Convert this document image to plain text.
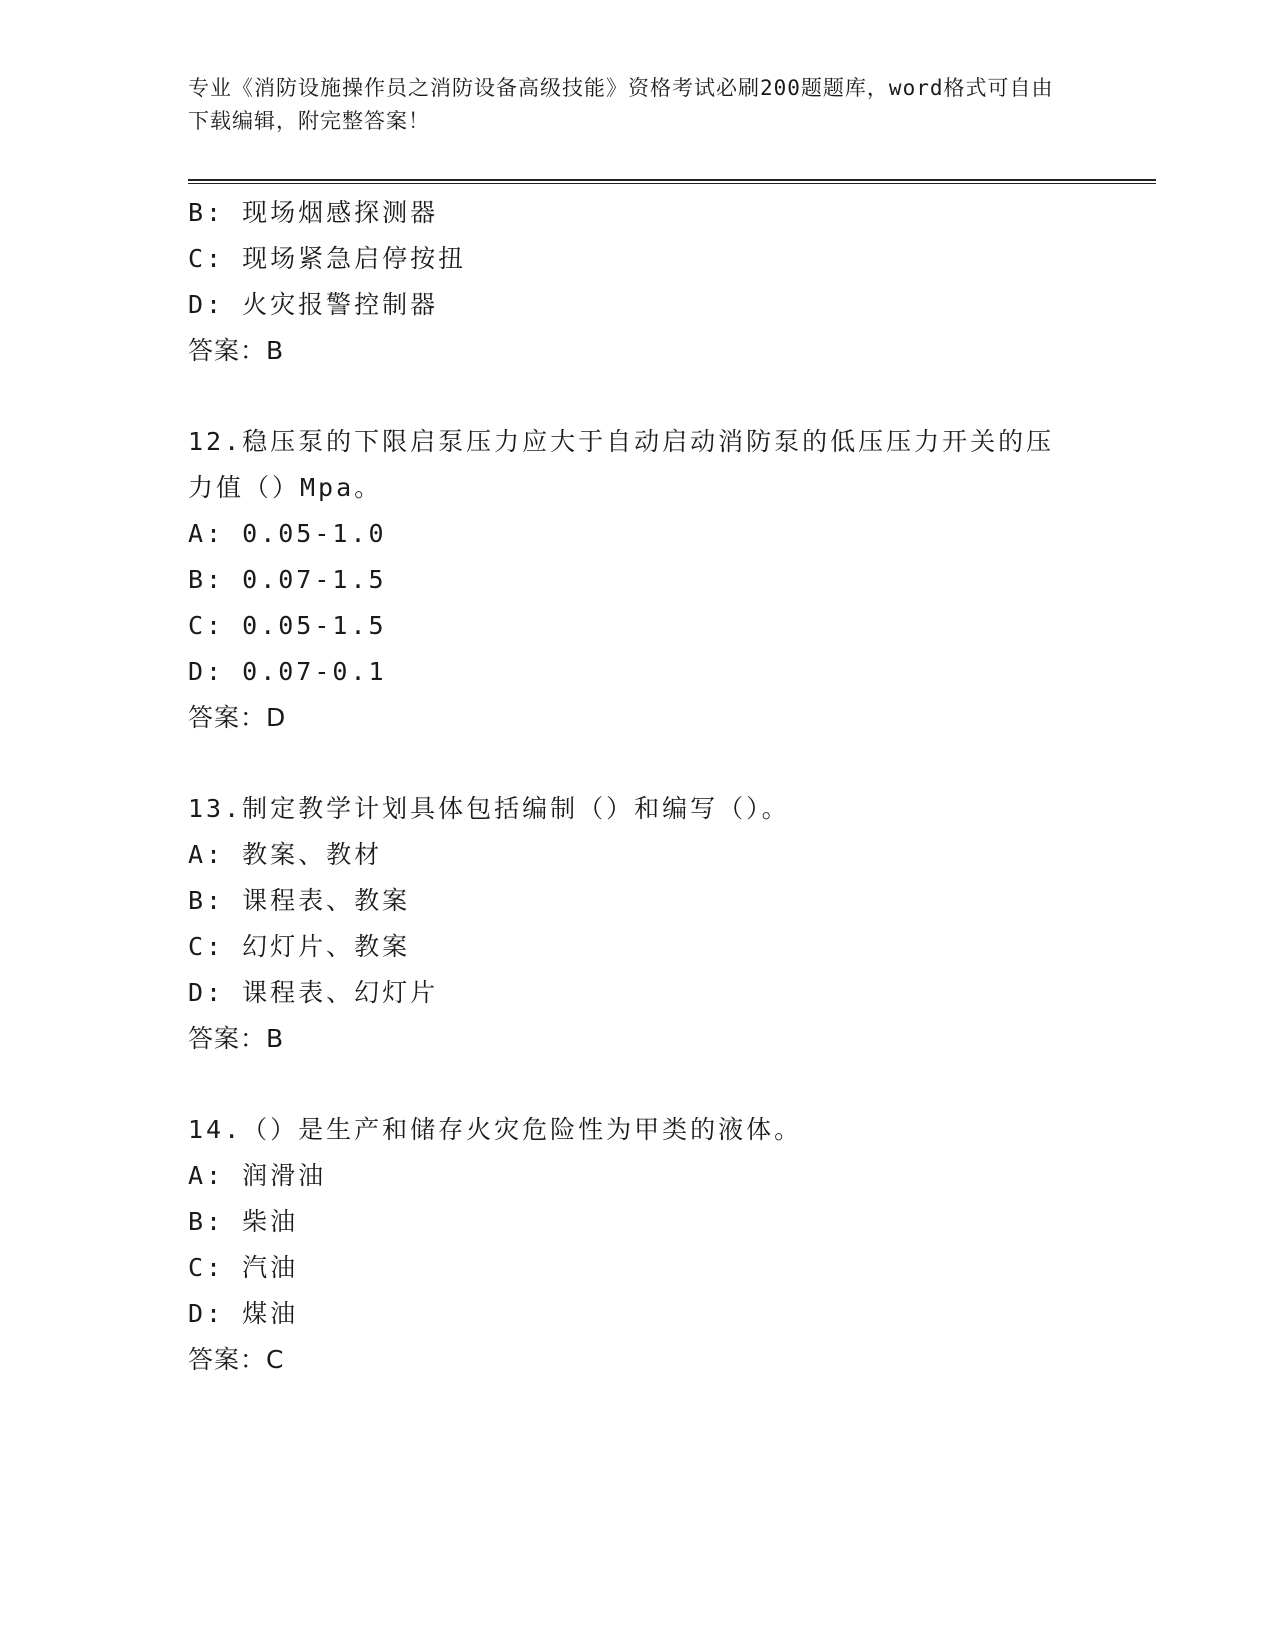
专业《消防设施操作员之消防设备高级技能》资格考试必刷200题题库，word格式可自由下载编辑，附完整答案！
B: 现场烟感探测器
C: 现场紧急启停按扭
D: 火灾报警控制器
答案：B
12.稳压泵的下限启泵压力应大于自动启动消防泵的低压压力开关的压
力值（）Mpa。
A: 0.05-1.0
B: 0.07-1.5
C: 0.05-1.5
D: 0.07-0.1
答案：D
13.制定教学计划具体包括编制（）和编写（）。
A: 教案、教材
B: 课程表、教案
C: 幻灯片、教案
D: 课程表、幻灯片
答案：B
14.（）是生产和储存火灾危险性为甲类的液体。
A: 润滑油
B: 柴油
C: 汽油
D: 煤油
答案：C
